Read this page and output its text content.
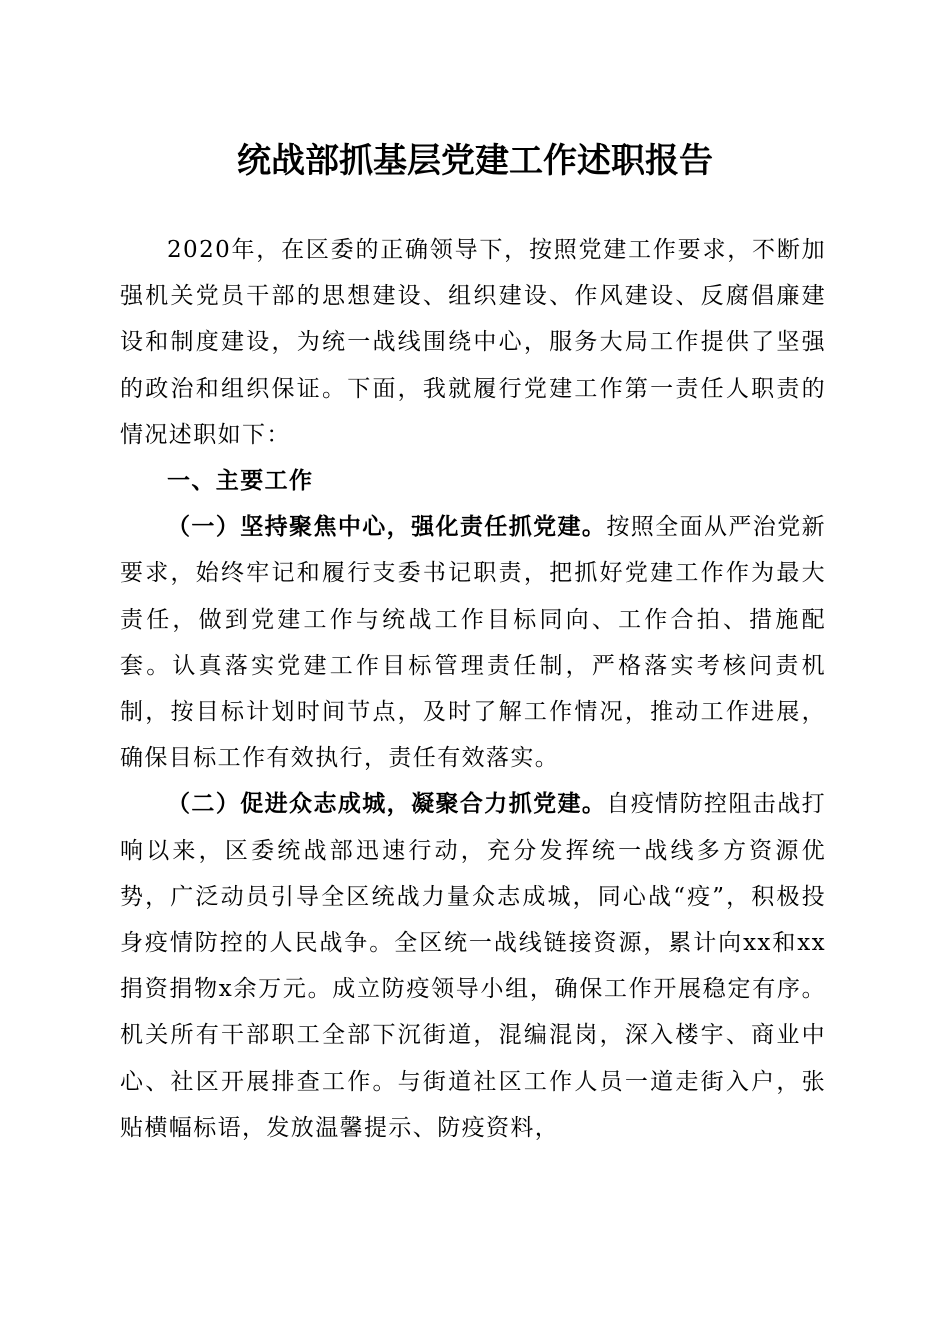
统战部抓基层党建工作述职报告

2020年，在区委的正确领导下，按照党建工作要求，不断加强机关党员干部的思想建设、组织建设、作风建设、反腐倡廉建设和制度建设，为统一战线围绕中心，服务大局工作提供了坚强的政治和组织保证。下面，我就履行党建工作第一责任人职责的情况述职如下：

一、主要工作

（一）坚持聚焦中心，强化责任抓党建。按照全面从严治党新要求，始终牢记和履行支委书记职责，把抓好党建工作作为最大责任，做到党建工作与统战工作目标同向、工作合拍、措施配套。认真落实党建工作目标管理责任制，严格落实考核问责机制，按目标计划时间节点，及时了解工作情况，推动工作进展，确保目标工作有效执行，责任有效落实。

（二）促进众志成城，凝聚合力抓党建。自疫情防控阻击战打响以来，区委统战部迅速行动，充分发挥统一战线多方资源优势，广泛动员引导全区统战力量众志成城，同心战“疫”，积极投身疫情防控的人民战争。全区统一战线链接资源，累计向xx和xx捐资捐物x余万元。成立防疫领导小组，确保工作开展稳定有序。机关所有干部职工全部下沉街道，混编混岗，深入楼宇、商业中心、社区开展排查工作。与街道社区工作人员一道走街入户，张贴横幅标语，发放温馨提示、防疫资料，
